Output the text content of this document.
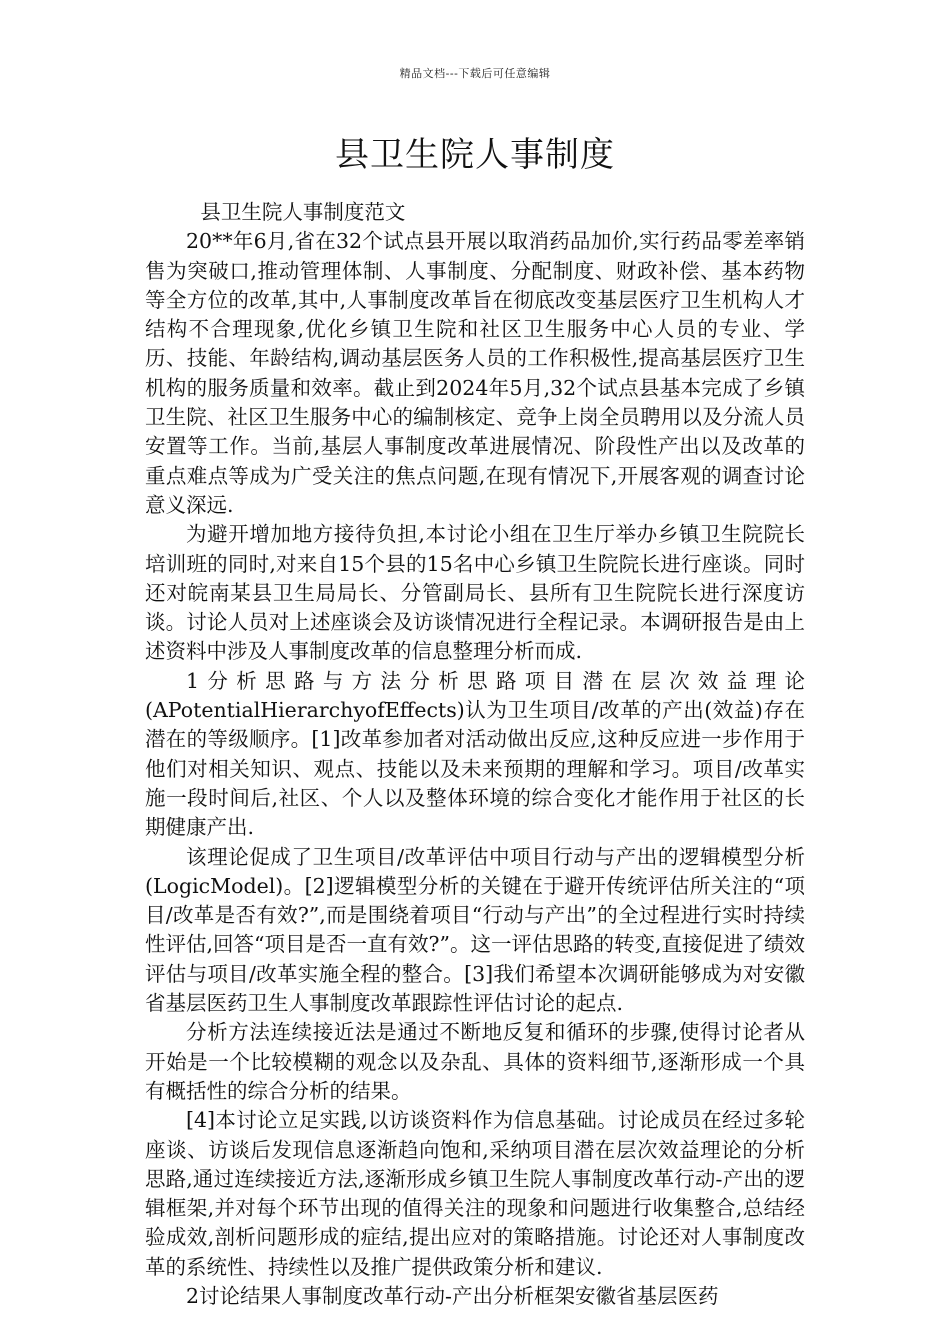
精品文档---下载后可任意编辑
县卫生院人事制度

县卫生院人事制度范文

20**年6月,省在32个试点县开展以取消药品加价,实行药品零差率销售为突破口,推动管理体制、人事制度、分配制度、财政补偿、基本药物等全方位的改革,其中,人事制度改革旨在彻底改变基层医疗卫生机构人才结构不合理现象,优化乡镇卫生院和社区卫生服务中心人员的专业、学历、技能、年龄结构,调动基层医务人员的工作积极性,提高基层医疗卫生机构的服务质量和效率。截止到2024年5月,32个试点县基本完成了乡镇卫生院、社区卫生服务中心的编制核定、竞争上岗全员聘用以及分流人员安置等工作。当前,基层人事制度改革进展情况、阶段性产出以及改革的重点难点等成为广受关注的焦点问题,在现有情况下,开展客观的调查讨论意义深远.

为避开增加地方接待负担,本讨论小组在卫生厅举办乡镇卫生院院长培训班的同时,对来自15个县的15名中心乡镇卫生院院长进行座谈。同时还对皖南某县卫生局局长、分管副局长、县所有卫生院院长进行深度访谈。讨论人员对上述座谈会及访谈情况进行全程记录。本调研报告是由上述资料中涉及人事制度改革的信息整理分析而成.

1分析思路与方法分析思路项目潜在层次效益理论(APotentialHierarchyofEffects)认为卫生项目/改革的产出(效益)存在潜在的等级顺序。[1]改革参加者对活动做出反应,这种反应进一步作用于他们对相关知识、观点、技能以及未来预期的理解和学习。项目/改革实施一段时间后,社区、个人以及整体环境的综合变化才能作用于社区的长期健康产出.

该理论促成了卫生项目/改革评估中项目行动与产出的逻辑模型分析(LogicModel)。[2]逻辑模型分析的关键在于避开传统评估所关注的“项目/改革是否有效?”,而是围绕着项目“行动与产出”的全过程进行实时持续性评估,回答“项目是否一直有效?”。这一评估思路的转变,直接促进了绩效评估与项目/改革实施全程的整合。[3]我们希望本次调研能够成为对安徽省基层医药卫生人事制度改革跟踪性评估讨论的起点.

分析方法连续接近法是通过不断地反复和循环的步骤,使得讨论者从开始是一个比较模糊的观念以及杂乱、具体的资料细节,逐渐形成一个具有概括性的综合分析的结果。

[4]本讨论立足实践,以访谈资料作为信息基础。讨论成员在经过多轮座谈、访谈后发现信息逐渐趋向饱和,采纳项目潜在层次效益理论的分析思路,通过连续接近方法,逐渐形成乡镇卫生院人事制度改革行动-产出的逻辑框架,并对每个环节出现的值得关注的现象和问题进行收集整合,总结经验成效,剖析问题形成的症结,提出应对的策略措施。讨论还对人事制度改革的系统性、持续性以及推广提供政策分析和建议.

2讨论结果人事制度改革行动-产出分析框架安徽省基层医药
